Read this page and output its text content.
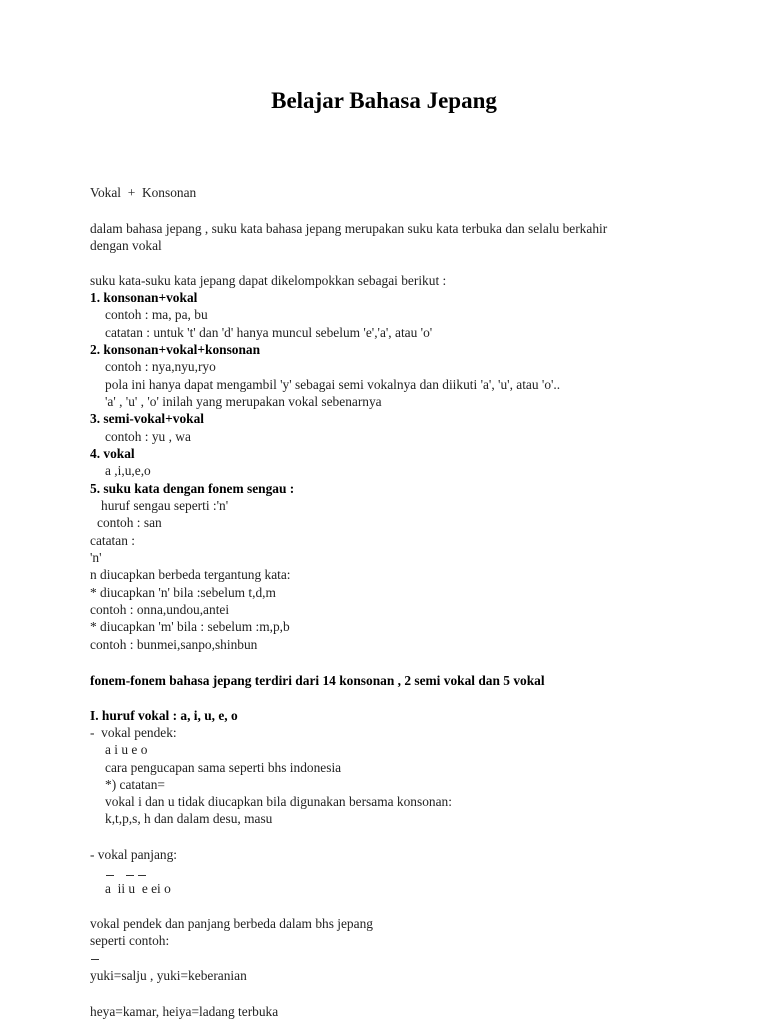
Belajar Bahasa Jepang
Vokal  +  Konsonan
dalam bahasa jepang , suku kata bahasa jepang merupakan suku kata terbuka dan selalu berkahir
dengan vokal
suku kata-suku kata jepang dapat dikelompokkan sebagai berikut :
1. konsonan+vokal
contoh : ma, pa, bu
catatan : untuk 't' dan 'd' hanya muncul sebelum 'e','a', atau 'o'
2. konsonan+vokal+konsonan
contoh : nya,nyu,ryo
pola ini hanya dapat mengambil 'y' sebagai semi vokalnya dan diikuti 'a', 'u', atau 'o'..
'a' , 'u' , 'o' inilah yang merupakan vokal sebenarnya
3. semi-vokal+vokal
contoh : yu , wa
4. vokal
a ,i,u,e,o
5. suku kata dengan fonem sengau :
huruf sengau seperti :'n'
contoh : san
catatan :
'n'
n diucapkan berbeda tergantung kata:
* diucapkan 'n' bila :sebelum t,d,m
contoh : onna,undou,antei
* diucapkan 'm' bila : sebelum :m,p,b
contoh : bunmei,sanpo,shinbun
fonem-fonem bahasa jepang terdiri dari 14 konsonan , 2 semi vokal dan 5 vokal
I. huruf vokal : a, i, u, e, o
-  vokal pendek:
a i u e o
cara pengucapan sama seperti bhs indonesia
*) catatan=
vokal i dan u tidak diucapkan bila digunakan bersama konsonan:
k,t,p,s, h dan dalam desu, masu
- vokal panjang:
a  ii u  e ei o
vokal pendek dan panjang berbeda dalam bhs jepang
seperti contoh:
yuki=salju , yuki=keberanian
heya=kamar, heiya=ladang terbuka
